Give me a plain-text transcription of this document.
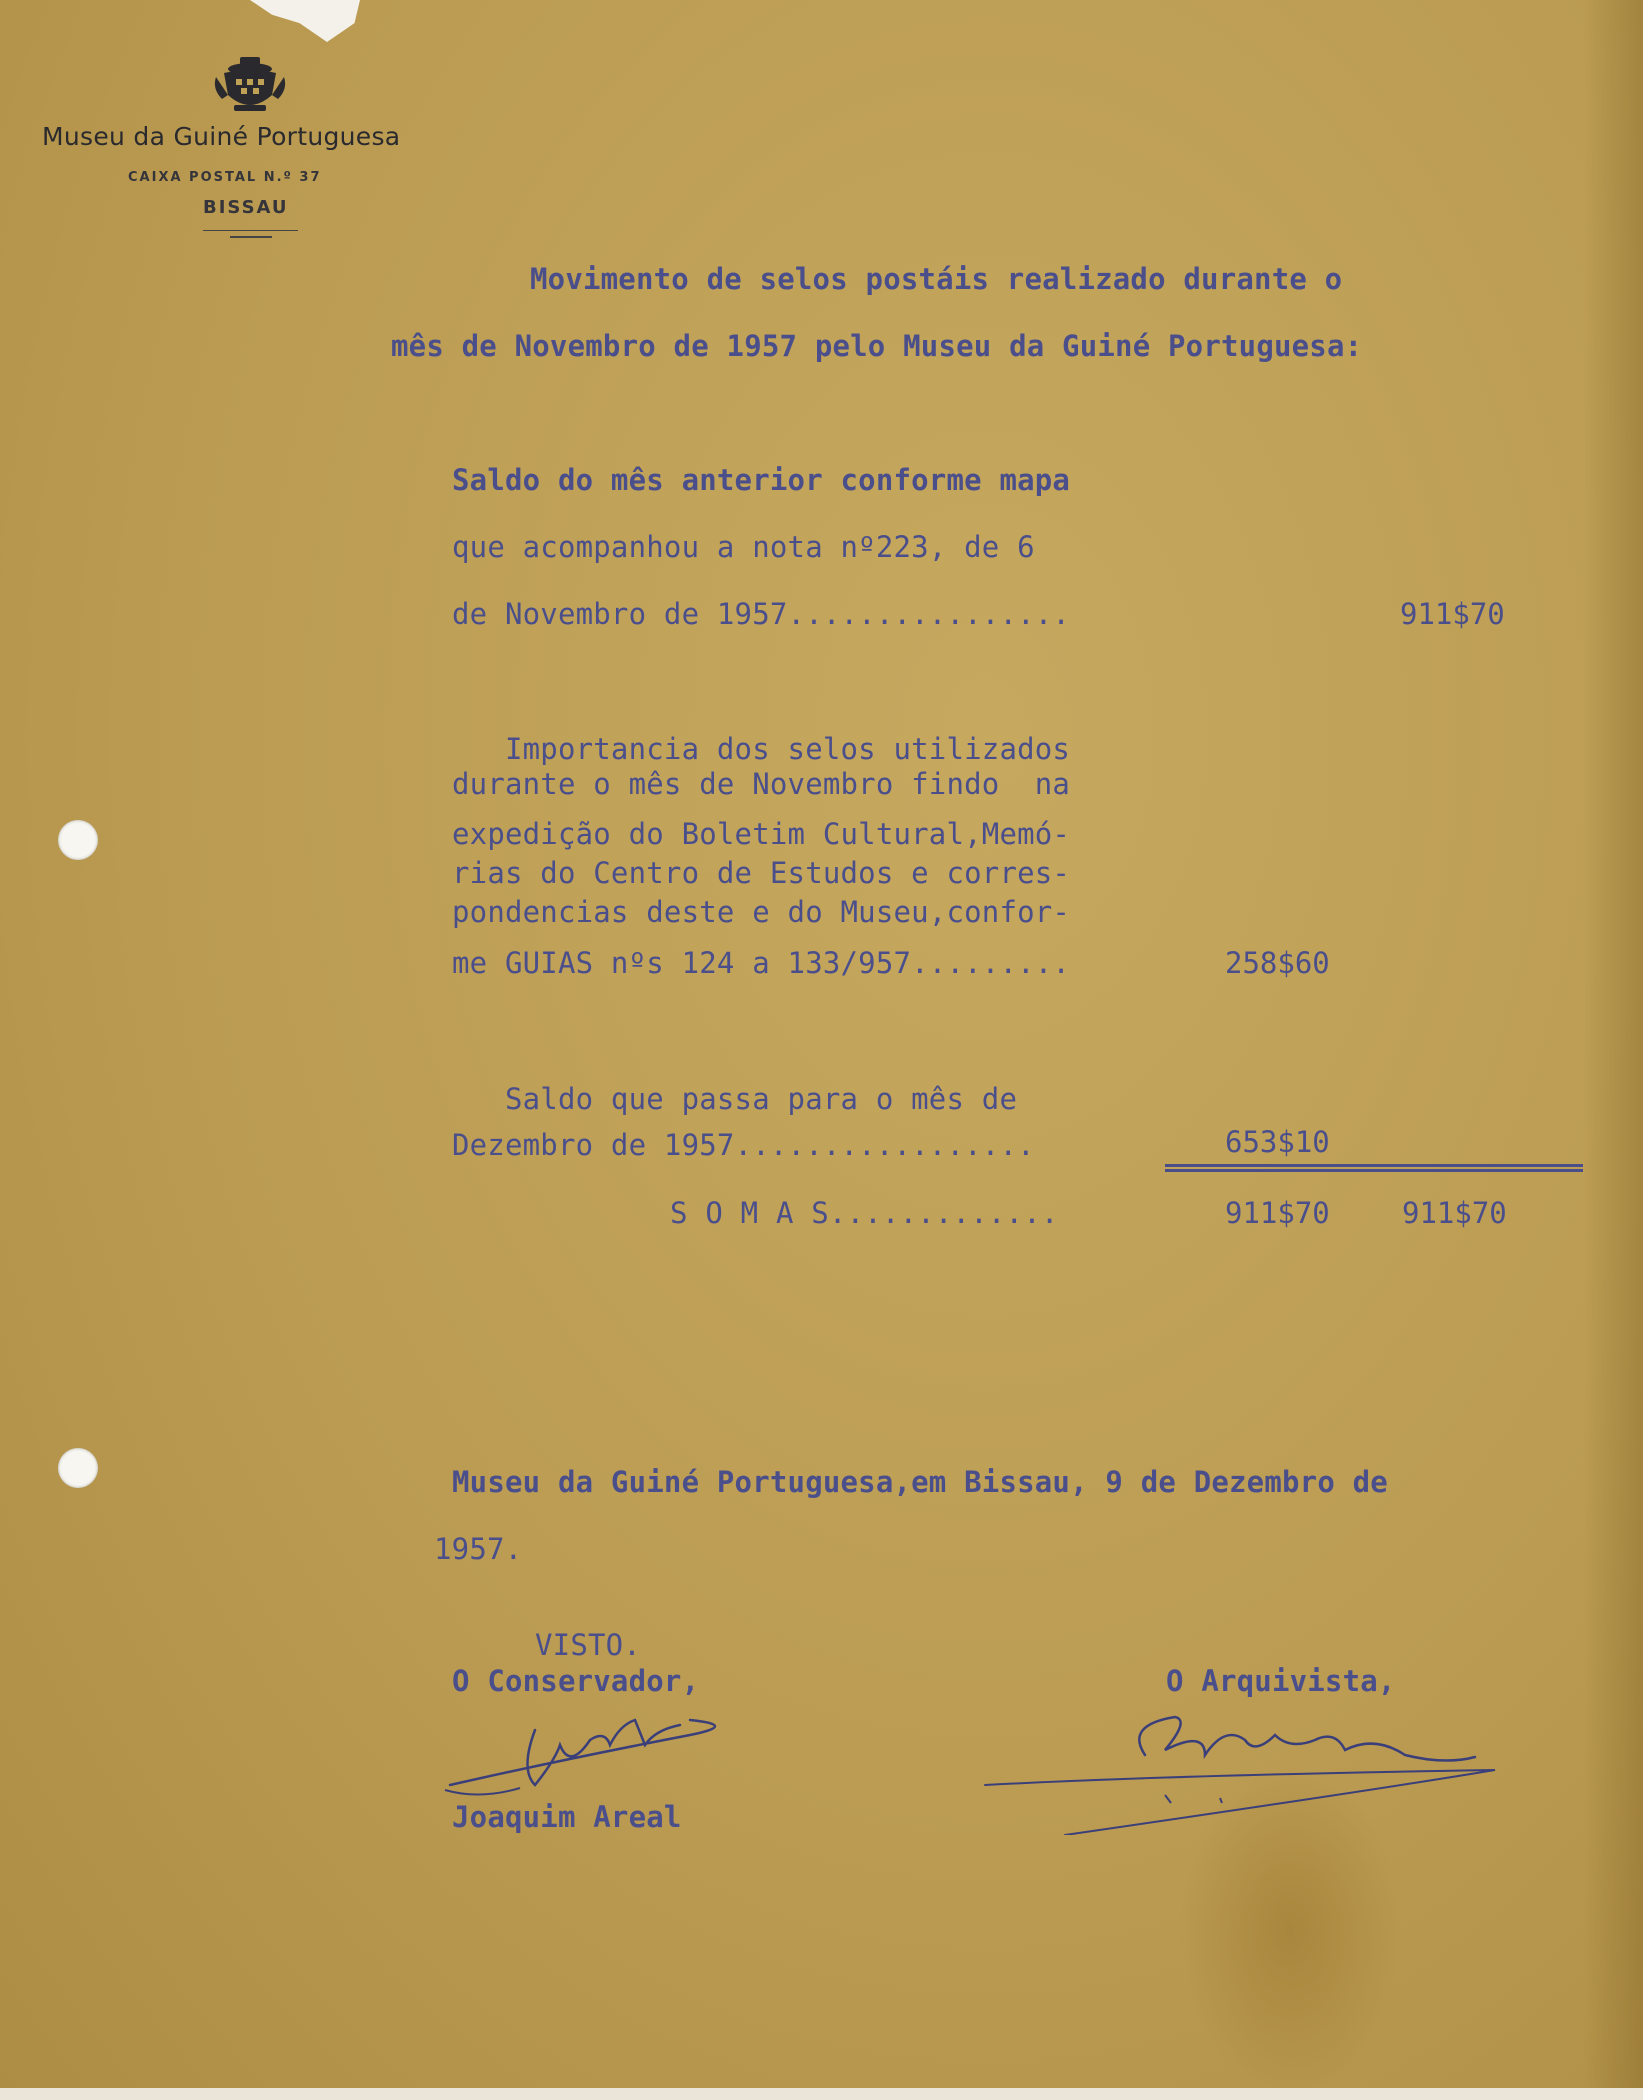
Museu da Guiné Portuguesa
CAIXA POSTAL N.º 37
BISSAU
Movimento de selos postáis realizado durante o
mês de Novembro de 1957 pelo Museu da Guiné Portuguesa:
Saldo do mês anterior conforme mapa
que acompanhou a nota nº223, de 6
de Novembro de 1957................	911$70
Importancia dos selos utilizados
durante o mês de Novembro findo  na
expedição do Boletim Cultural,Memó-
rias do Centro de Estudos e corres-
pondencias deste e do Museu,confor-
me GUIAS nºs 124 a 133/957.........	258$60
Saldo que passa para o mês de
Dezembro de 1957.................	653$10
S O M A S.............	911$70 911$70
Museu da Guiné Portuguesa,em Bissau, 9 de Dezembro de
1957.
VISTO.
O Conservador,
Joaquim Areal
O Arquivista,
